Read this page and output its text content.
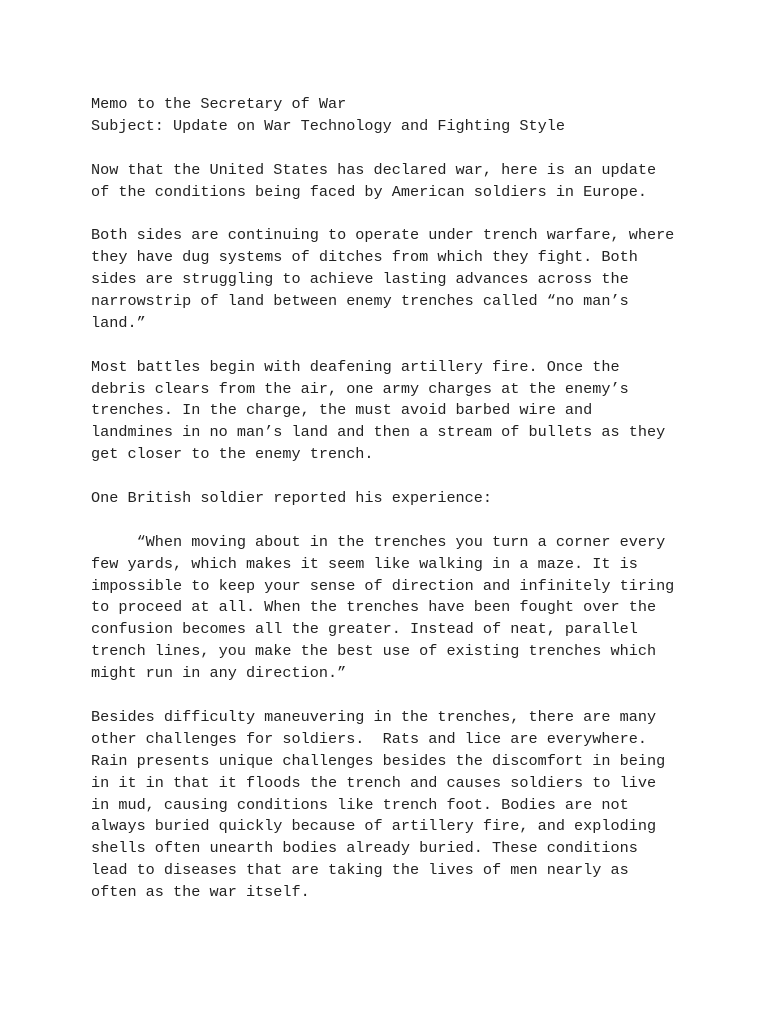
Memo to the Secretary of War
Subject: Update on War Technology and Fighting Style
Now that the United States has declared war, here is an update
of the conditions being faced by American soldiers in Europe.
Both sides are continuing to operate under trench warfare, where
they have dug systems of ditches from which they fight. Both
sides are struggling to achieve lasting advances across the
narrowstrip of land between enemy trenches called “no man’s
land.”
Most battles begin with deafening artillery fire. Once the
debris clears from the air, one army charges at the enemy’s
trenches. In the charge, the must avoid barbed wire and
landmines in no man’s land and then a stream of bullets as they
get closer to the enemy trench.
One British soldier reported his experience:
“When moving about in the trenches you turn a corner every
few yards, which makes it seem like walking in a maze. It is
impossible to keep your sense of direction and infinitely tiring
to proceed at all. When the trenches have been fought over the
confusion becomes all the greater. Instead of neat, parallel
trench lines, you make the best use of existing trenches which
might run in any direction.”
Besides difficulty maneuvering in the trenches, there are many
other challenges for soldiers.  Rats and lice are everywhere.
Rain presents unique challenges besides the discomfort in being
in it in that it floods the trench and causes soldiers to live
in mud, causing conditions like trench foot. Bodies are not
always buried quickly because of artillery fire, and exploding
shells often unearth bodies already buried. These conditions
lead to diseases that are taking the lives of men nearly as
often as the war itself.
